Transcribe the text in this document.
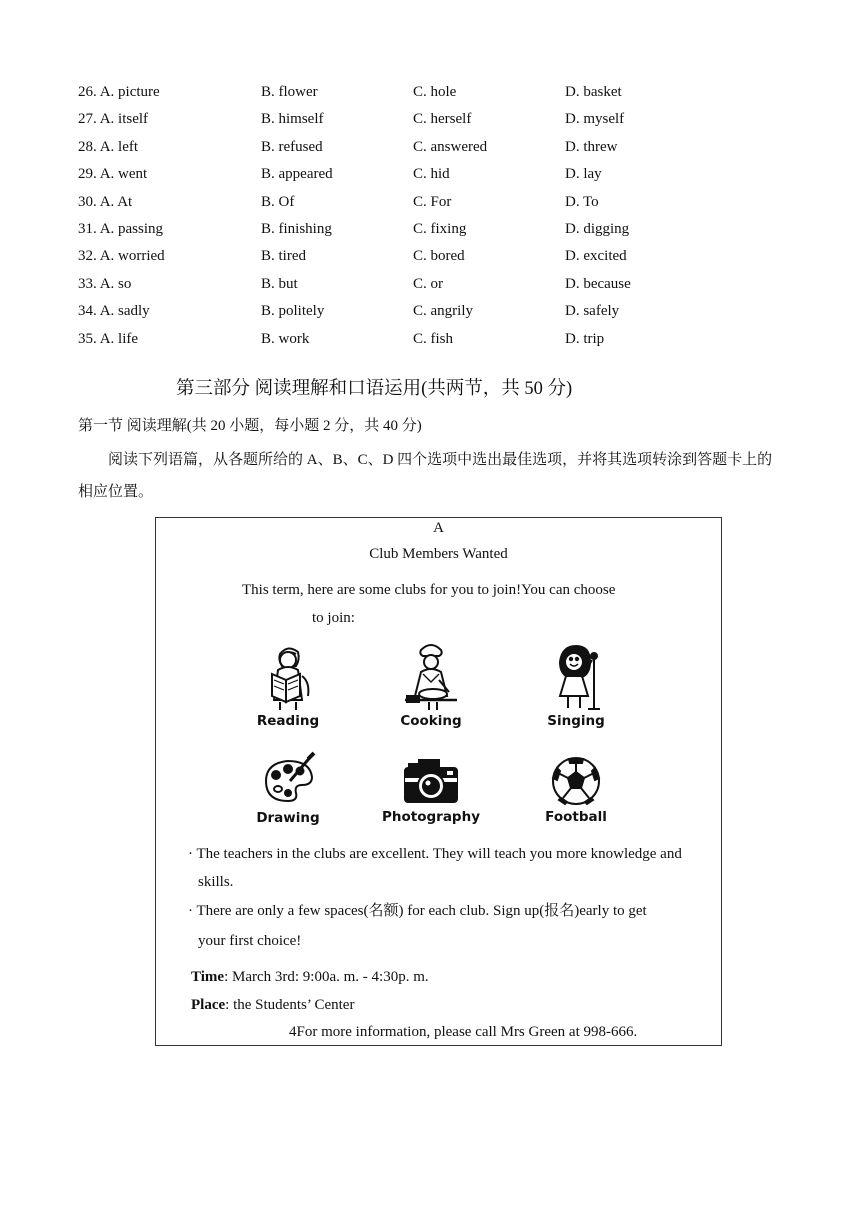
26. A. picture	B. flower	C. hole	D. basket
27. A. itself	B. himself	C. herself	D. myself
28. A. left	B. refused	C. answered	D. threw
29. A. went	B. appeared	C. hid	D. lay
30. A. At	B. Of	C. For	D. To
31. A. passing	B. finishing	C. fixing	D. digging
32. A. worried	B. tired	C. bored	D. excited
33. A. so	B. but	C. or	D. because
34. A. sadly	B. politely	C. angrily	D. safely
35. A. life	B. work	C. fish	D. trip
第三部分 阅读理解和口语运用(共两节，共 50 分)
第一节 阅读理解(共 20 小题，每小题 2 分，共 40 分)
阅读下列语篇，从各题所给的 A、B、C、D 四个选项中选出最佳选项，并将其选项转涂到答题卡上的相应位置。
A
Club Members Wanted
This term, here are some clubs for you to join!You can choose
to join:
Reading	Cooking	Singing
Drawing	Photography	Football
· The teachers in the clubs are excellent. They will teach you more knowledge and
skills.
· There are only a few spaces(名额) for each club. Sign up(报名)early to get
your first choice!
Time: March 3rd: 9:00a. m. - 4:30p. m.
Place: the Students’ Center
4For more information, please call Mrs Green at 998-666.
